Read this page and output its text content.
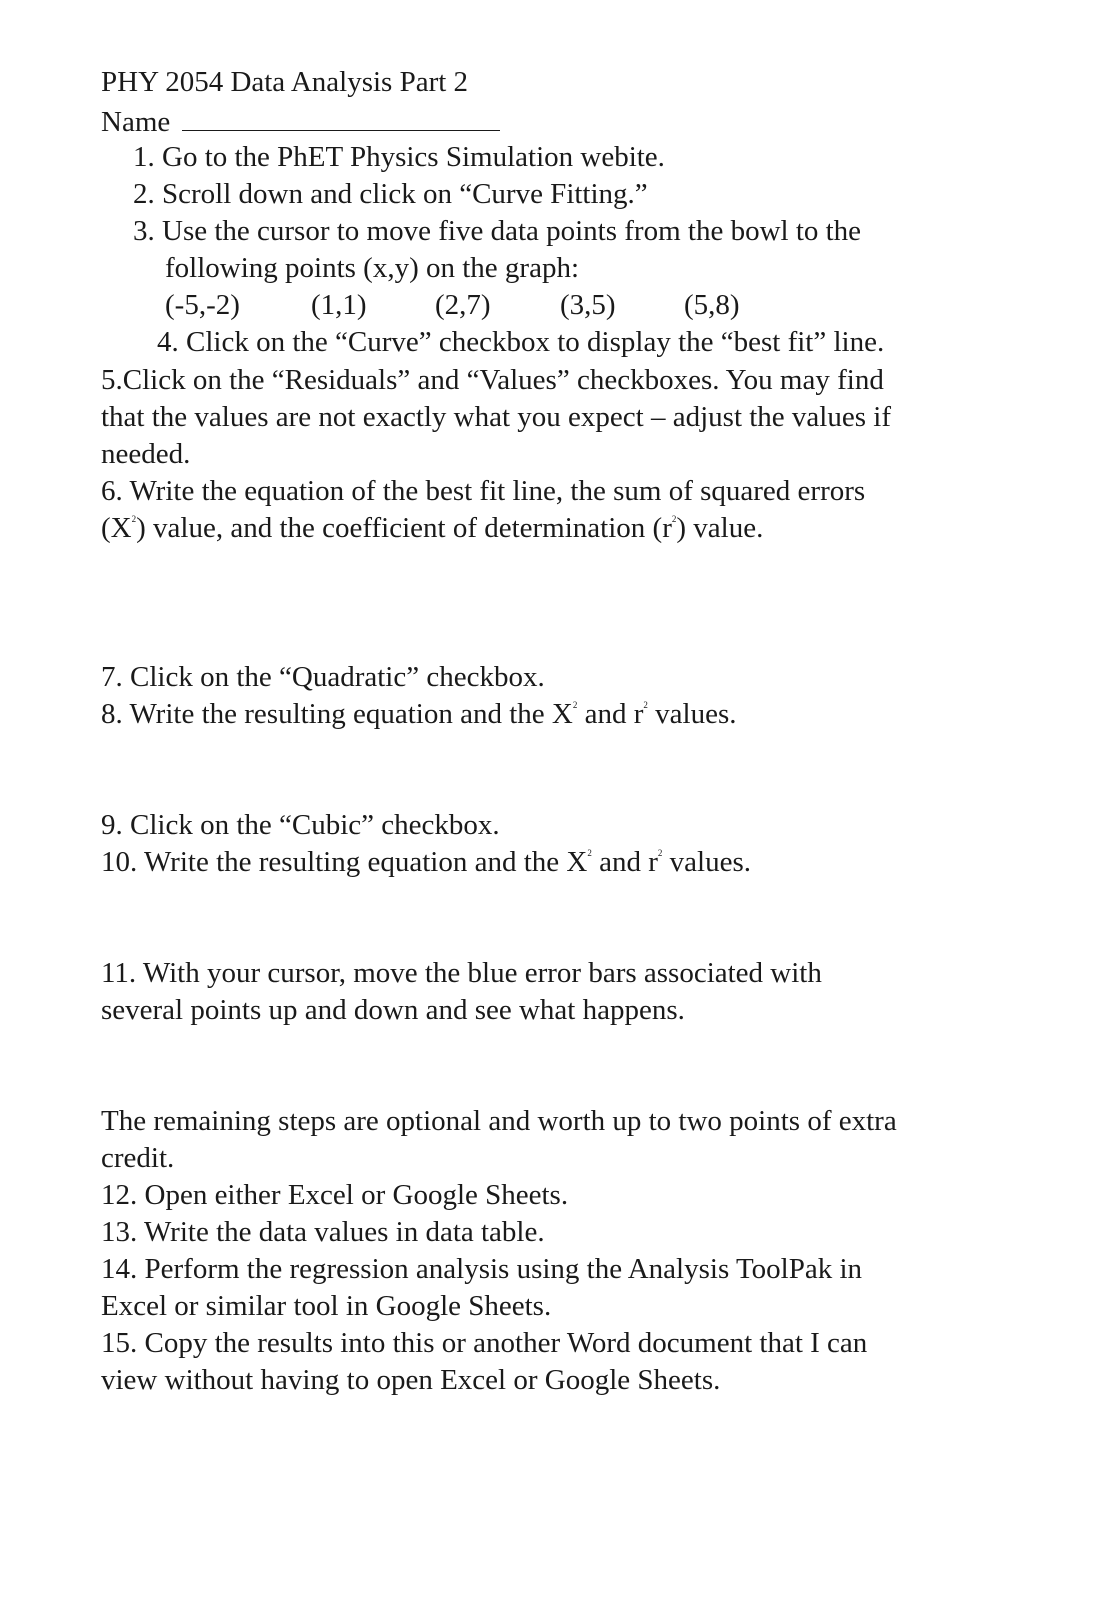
PHY 2054 Data Analysis Part 2
Name
1. Go to the PhET Physics Simulation webite.
2. Scroll down and click on “Curve Fitting.”
3. Use the cursor to move five data points from the bowl to the
following points (x,y) on the graph:
(-5,-2) (1,1) (2,7) (3,5) (5,8)
4. Click on the “Curve” checkbox to display the “best fit” line.
5.Click on the “Residuals” and “Values” checkboxes. You may find
that the values are not exactly what you expect – adjust the values if
needed.
6. Write the equation of the best fit line, the sum of squared errors
$(X^2)$ value, and the coefficient of determination $(r^2)$ value.
7. Click on the “Quadratic” checkbox.
8. Write the resulting equation and the $X^2$ and $r^2$ values.
9. Click on the “Cubic” checkbox.
10. Write the resulting equation and the $X^2$ and $r^2$ values.
11. With your cursor, move the blue error bars associated with
several points up and down and see what happens.
The remaining steps are optional and worth up to two points of extra
credit.
12. Open either Excel or Google Sheets.
13. Write the data values in data table.
14. Perform the regression analysis using the Analysis ToolPak in
Excel or similar tool in Google Sheets.
15. Copy the results into this or another Word document that I can
view without having to open Excel or Google Sheets.
